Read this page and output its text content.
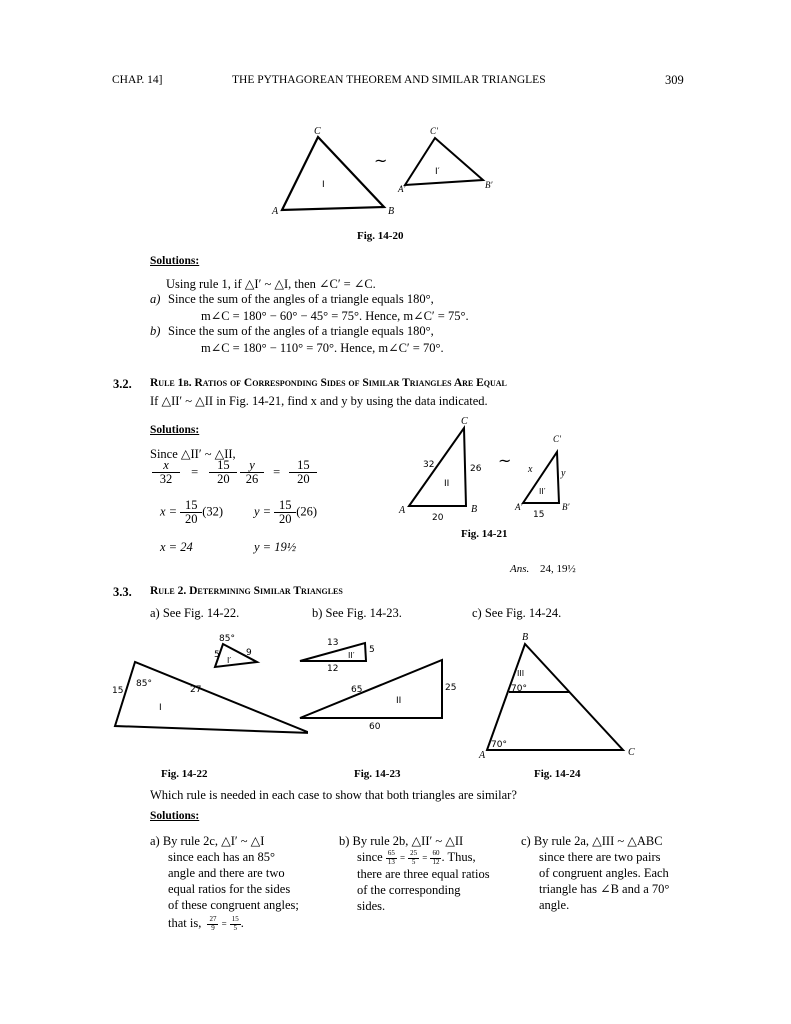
CHAP. 14]	THE PYTHAGOREAN THEOREM AND SIMILAR TRIANGLES	309
A	B
C
I
~
A′	B′
C′
I′
Fig. 14-20
Solutions:
Using rule 1, if △I′ ~ △I, then ∠C′ = ∠C.
a) Since the sum of the angles of a triangle equals 180°,
m∠C = 180° − 60° − 45° = 75°. Hence, m∠C′ = 75°.
b) Since the sum of the angles of a triangle equals 180°,
m∠C = 180° − 110° = 70°. Hence, m∠C′ = 70°.
3.2. Rule 1b. Ratios of Corresponding Sides of Similar Triangles Are Equal
If △II′ ~ △II in Fig. 14-21, find x and y by using the data indicated.
Solutions:
Since △II′ ~ △II,
$\frac{x}{32} = \frac{15}{20} \frac{y}{26} = \frac{15}{20}$
$x = \frac{15}{20} (32) y = \frac{15}{20} (26)$
x = 24	y = 19½
C
A	B
32	26
20
II
~
C′
A′	B′
x	y
15
II′
Fig. 14-21
Ans. 24, 19½
3.3. Rule 2. Determining Similar Triangles
a) See Fig. 14-22.	b) See Fig. 14-23.	c) See Fig. 14-24.
85°
5	9
I′
85°
15	27
I
13
5
II′
12
65	25
II
60
B
III
70°
70°
A	C
Fig. 14-22	Fig. 14-23	Fig. 14-24
Which rule is needed in each case to show that both triangles are similar?
Solutions:
a) By rule 2c, △I′ ~ △I
since each has an 85°
angle and there are two
equal ratios for the sides
of these congruent angles;
that is, $\frac{27}{9} = \frac{15}{5}$ .
b) By rule 2b, △II′ ~ △II
since $\frac{65}{13} = \frac{25}{5} = \frac{60}{12}$ . Thus,
there are three equal ratios
of the corresponding
sides.
c) By rule 2a, △III ~ △ABC
since there are two pairs
of congruent angles. Each
triangle has ∠B and a 70°
angle.
